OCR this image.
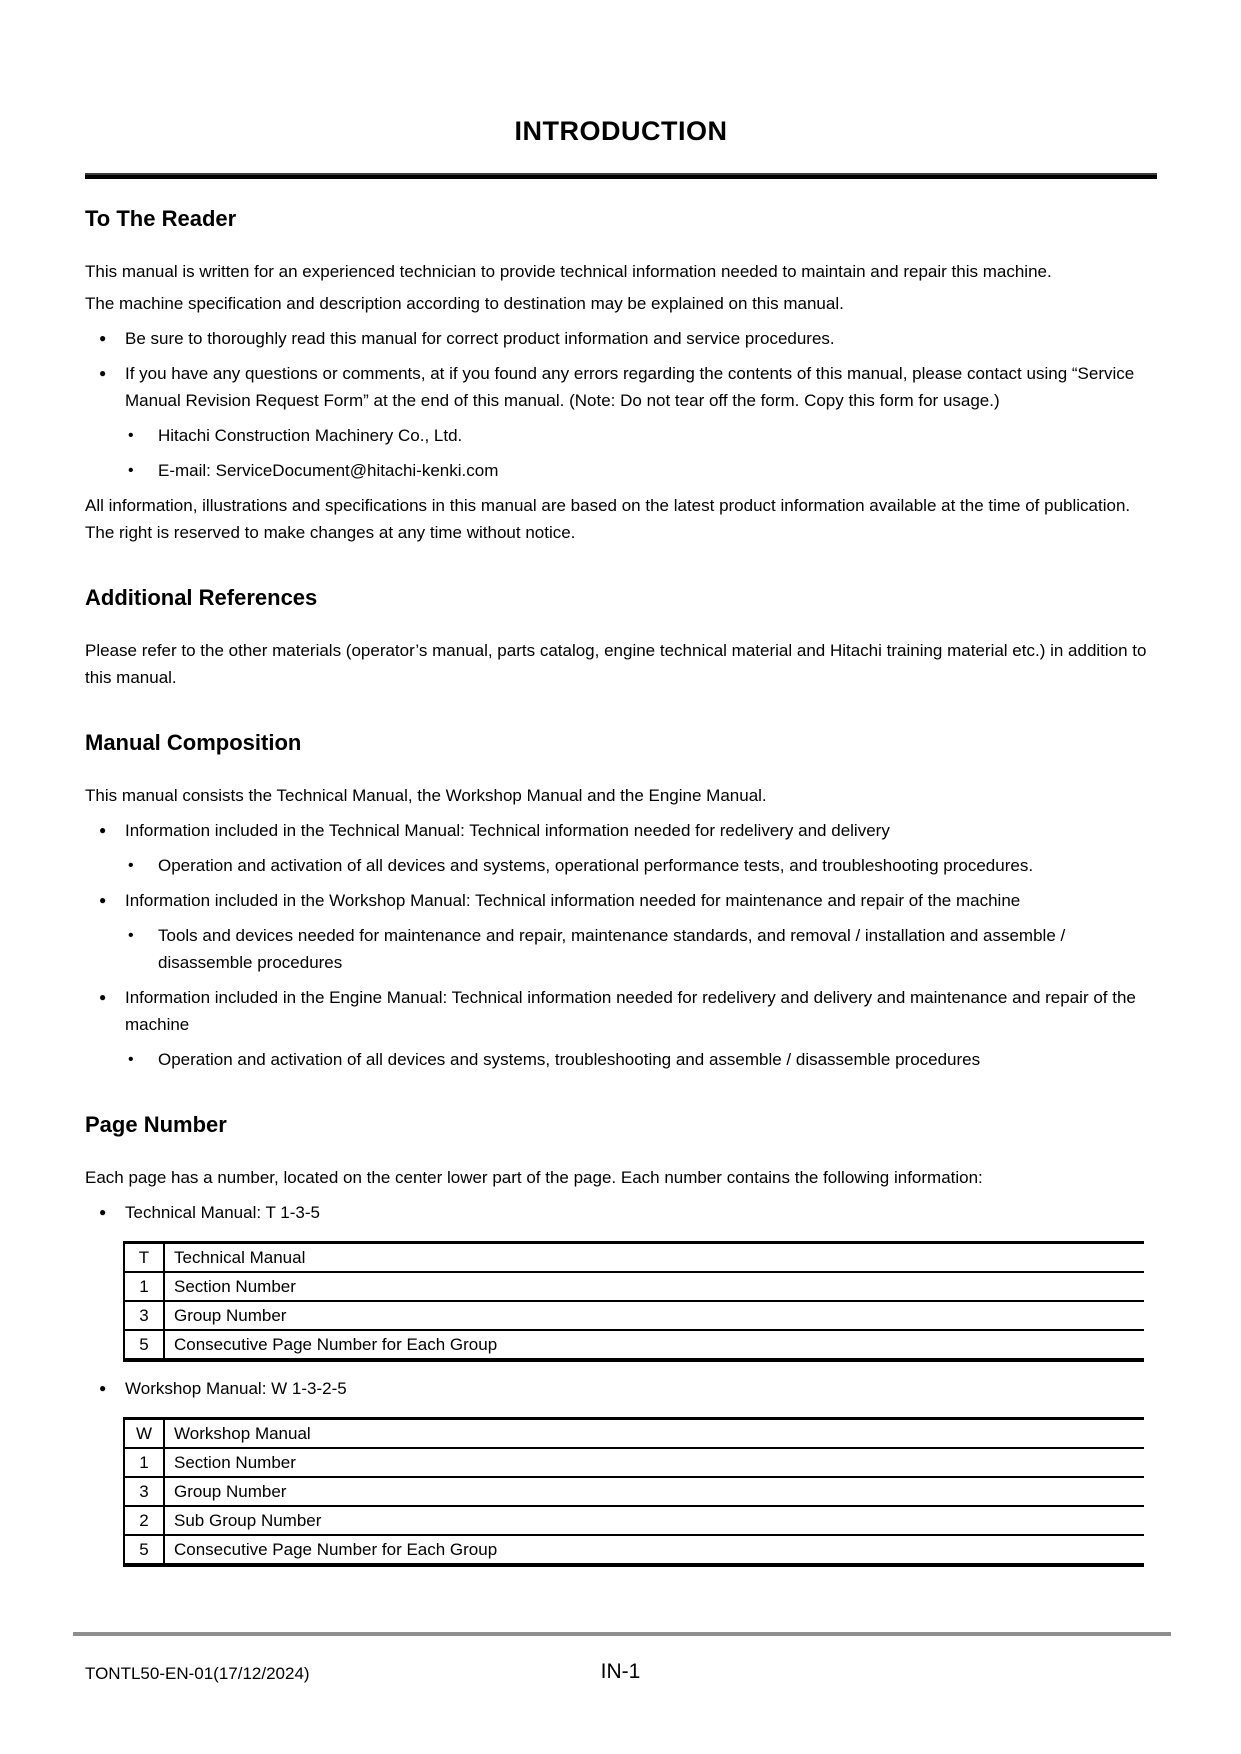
INTRODUCTION
To The Reader

This manual is written for an experienced technician to provide technical information needed to maintain and repair this machine.

The machine specification and description according to destination may be explained on this manual.

●	Be sure to thoroughly read this manual for correct product information and service procedures.
●	If you have any questions or comments, at if you found any errors regarding the contents of this manual, please contact using “Service Manual Revision Request Form” at the end of this manual. (Note: Do not tear off the form. Copy this form for usage.)
•	Hitachi Construction Machinery Co., Ltd.
•	E-mail: ServiceDocument@hitachi-kenki.com

All information, illustrations and specifications in this manual are based on the latest product information available at the time of publication. The right is reserved to make changes at any time without notice.

Additional References

Please refer to the other materials (operator’s manual, parts catalog, engine technical material and Hitachi training material etc.) in addition to this manual.

Manual Composition

This manual consists the Technical Manual, the Workshop Manual and the Engine Manual.

●	Information included in the Technical Manual: Technical information needed for redelivery and delivery
•	Operation and activation of all devices and systems, operational performance tests, and troubleshooting procedures.
●	Information included in the Workshop Manual: Technical information needed for maintenance and repair of the machine
•	Tools and devices needed for maintenance and repair, maintenance standards, and removal / installation and assemble / disassemble procedures
●	Information included in the Engine Manual: Technical information needed for redelivery and delivery and maintenance and repair of the machine
•	Operation and activation of all devices and systems, troubleshooting and assemble / disassemble procedures
Page Number

Each page has a number, located on the center lower part of the page. Each number contains the following information:

●	Technical Manual: T 1-3-5
T	Technical Manual
1	Section Number
3	Group Number
5	Consecutive Page Number for Each Group
●	Workshop Manual: W 1-3-2-5
W	Workshop Manual
1	Section Number
3	Group Number
2	Sub Group Number
5	Consecutive Page Number for Each Group
TONTL50-EN-01(17/12/2024)	IN-1
